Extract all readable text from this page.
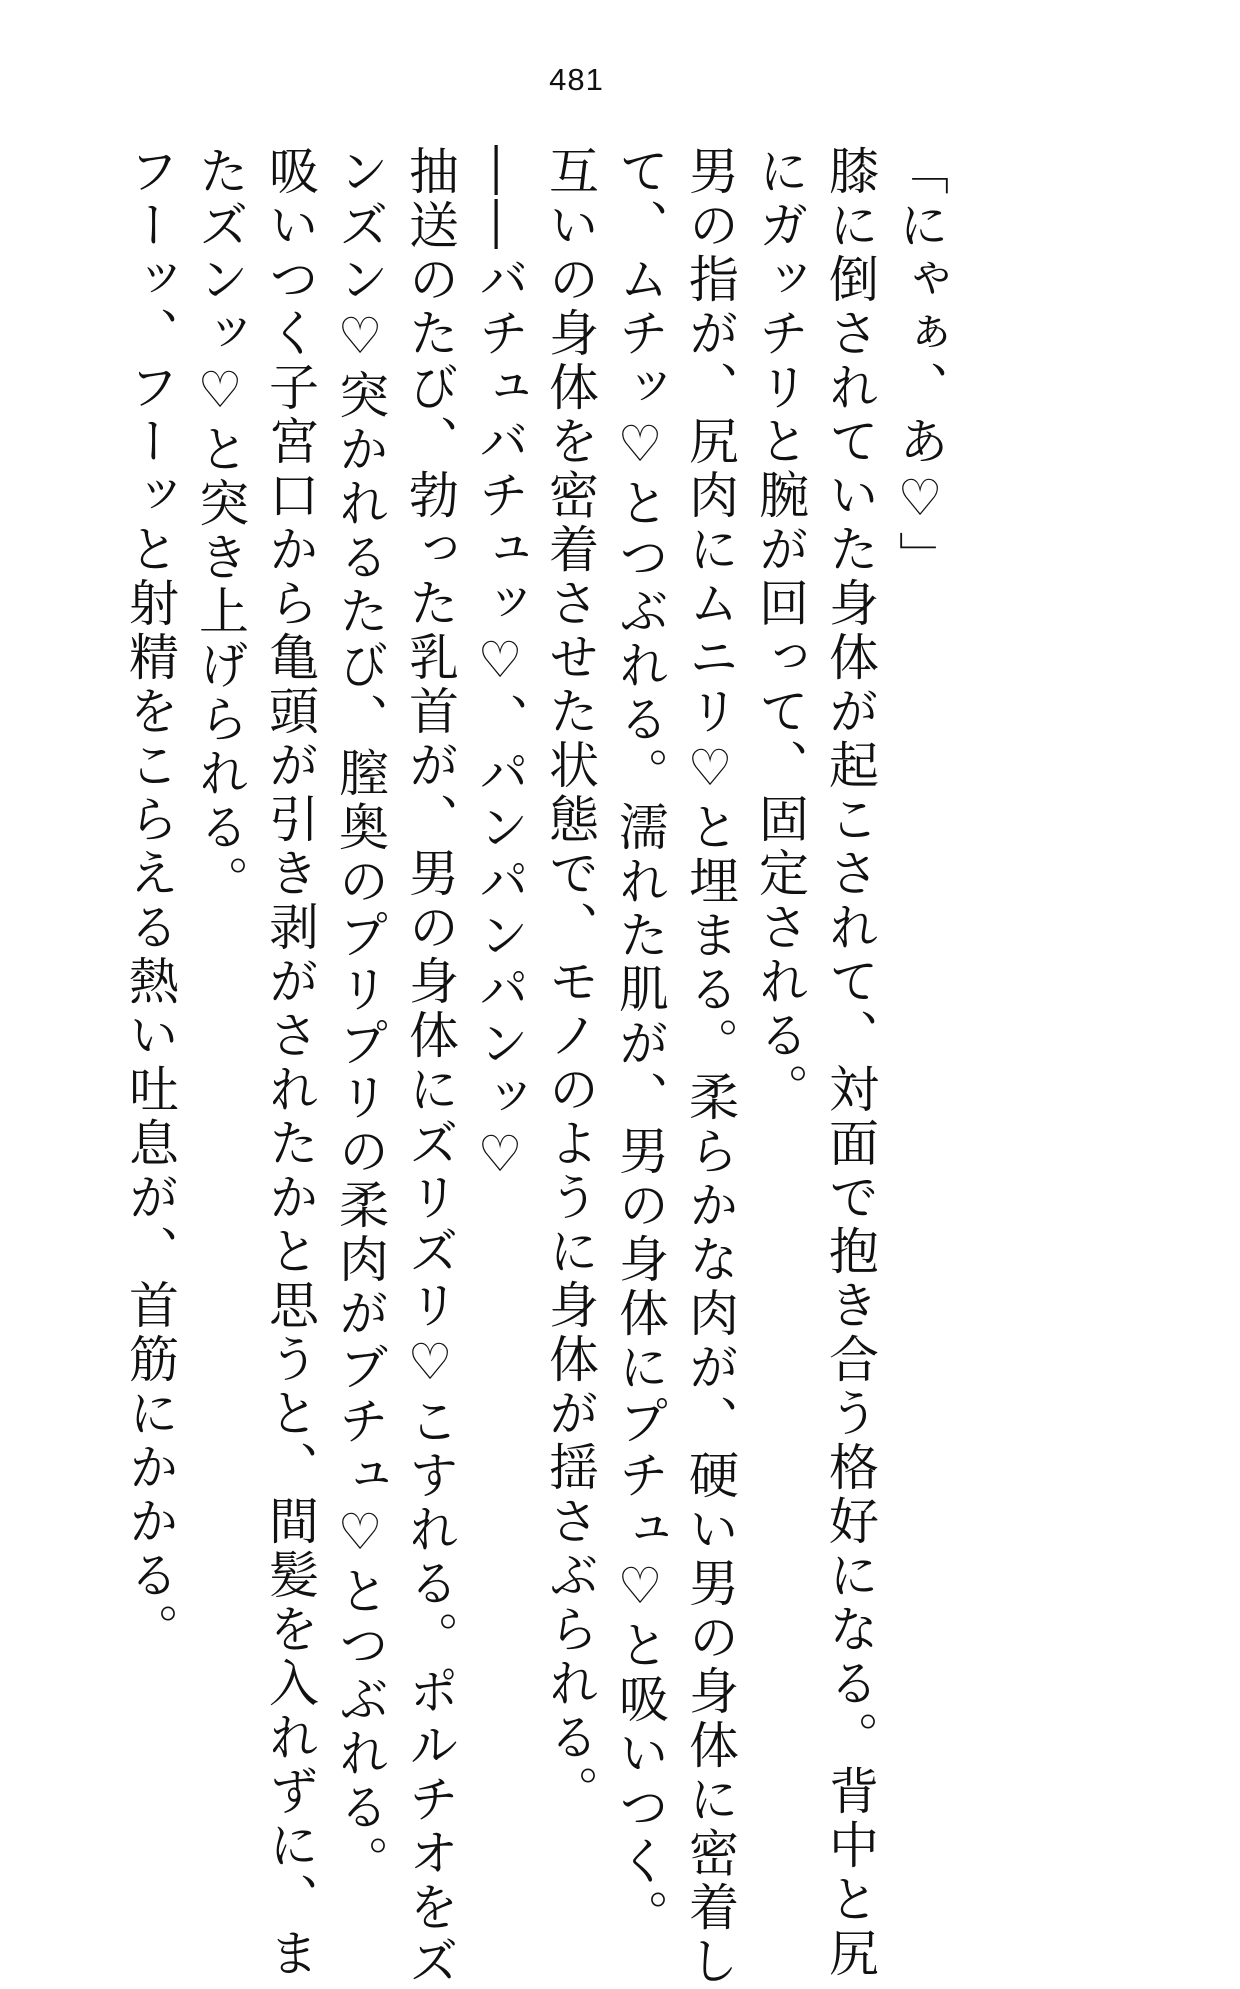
481

「にゃぁ、あ♡」

膝に倒されていた身体が起こされて、対面で抱き合う格好になる。背中と尻

にガッチリと腕が回って、固定される。

男の指が、尻肉にムニリ♡と埋まる。柔らかな肉が、硬い男の身体に密着し

て、ムチッ♡とつぶれる。濡れた肌が、男の身体にプチュ♡と吸いつく。

互いの身体を密着させた状態で、モノのように身体が揺さぶられる。

――バチュバチュッ♡、パンパンパンッ♡

抽送のたび、勃った乳首が、男の身体にズリズリ♡こすれる。ポルチオをズ

ンズン♡突かれるたび、膣奥のプリプリの柔肉がブチュ♡とつぶれる。

吸いつく子宮口から亀頭が引き剥がされたかと思うと、間髪を入れずに、ま

たズンッ♡と突き上げられる。

フーッ、フーッと射精をこらえる熱い吐息が、首筋にかかる。
